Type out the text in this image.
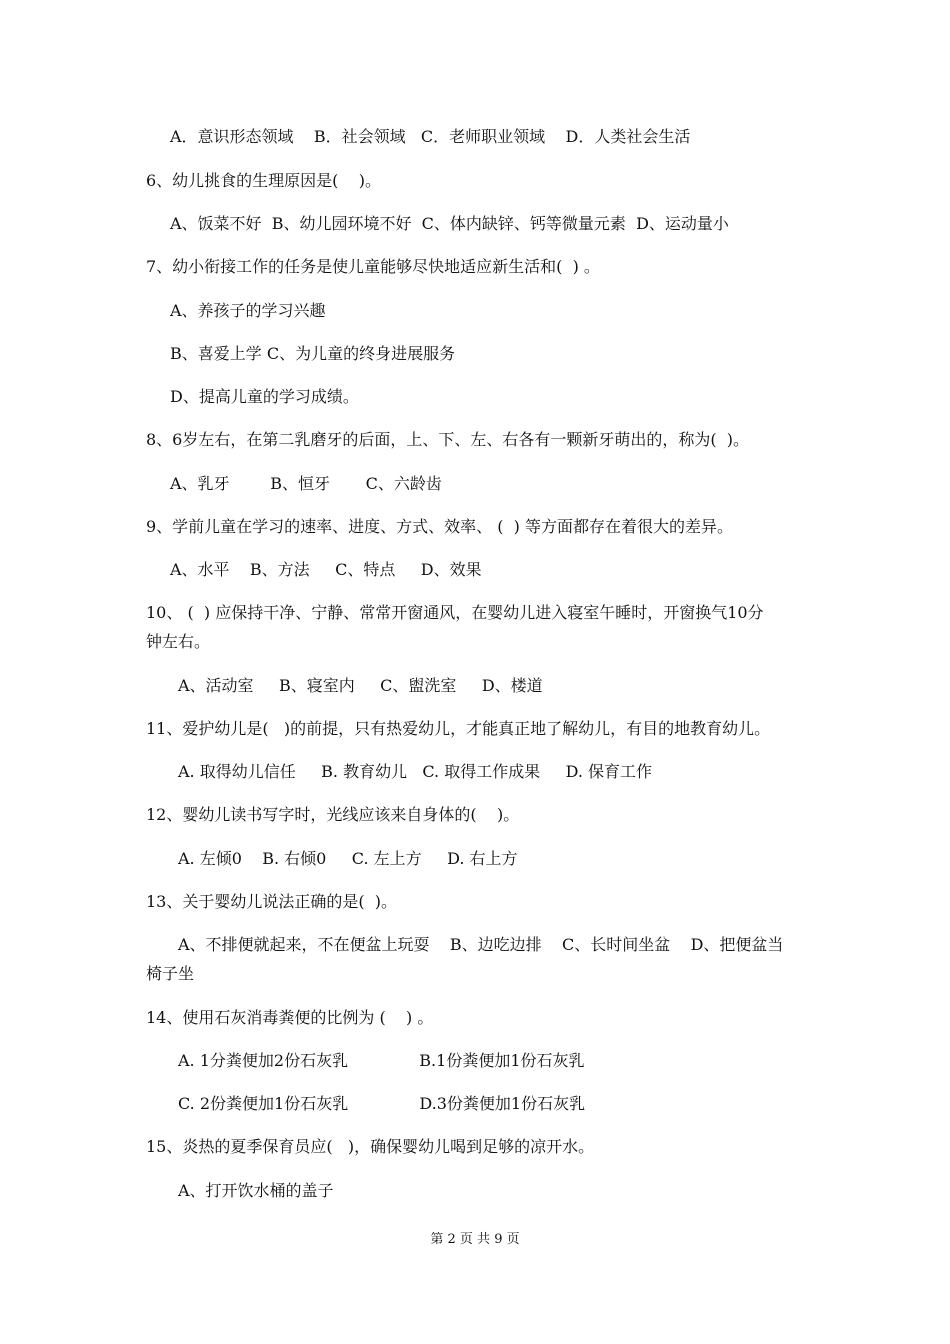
A．意识形态领域    B．社会领域   C．老师职业领域    D．人类社会生活
6、幼儿挑食的生理原因是(    )。
A、饭菜不好  B、幼儿园环境不好  C、体内缺锌、钙等微量元素  D、运动量小
7、幼小衔接工作的任务是使儿童能够尽快地适应新生活和(  ) 。
A、养孩子的学习兴趣
B、喜爱上学 C、为儿童的终身进展服务
D、提高儿童的学习成绩。
8、6岁左右，在第二乳磨牙的后面，上、下、左、右各有一颗新牙萌出的，称为(  )。
A、乳牙        B、恒牙       C、六龄齿
9、学前儿童在学习的速率、进度、方式、效率、 (  ) 等方面都存在着很大的差异。
A、水平    B、方法     C、特点     D、效果
10、 (  ) 应保持干净、宁静、常常开窗通风，在婴幼儿进入寝室午睡时，开窗换气10分
钟左右。
A、活动室     B、寝室内     C、盥洗室     D、楼道
11、爱护幼儿是(   )的前提，只有热爱幼儿，才能真正地了解幼儿，有目的地教育幼儿。
A. 取得幼儿信任     B. 教育幼儿   C. 取得工作成果     D. 保育工作
12、婴幼儿读书写字时，光线应该来自身体的(    )。
A. 左倾0    B. 右倾0     C. 左上方     D. 右上方
13、关于婴幼儿说法正确的是(  )。
A、不排便就起来，不在便盆上玩耍    B、边吃边排    C、长时间坐盆    D、把便盆当
椅子坐
14、使用石灰消毒粪便的比例为 (    ) 。
A. 1分粪便加2份石灰乳              B.1份粪便加1份石灰乳
C. 2份粪便加1份石灰乳              D.3份粪便加1份石灰乳
15、炎热的夏季保育员应(   )，确保婴幼儿喝到足够的凉开水。
A、打开饮水桶的盖子
第 2 页 共 9 页
